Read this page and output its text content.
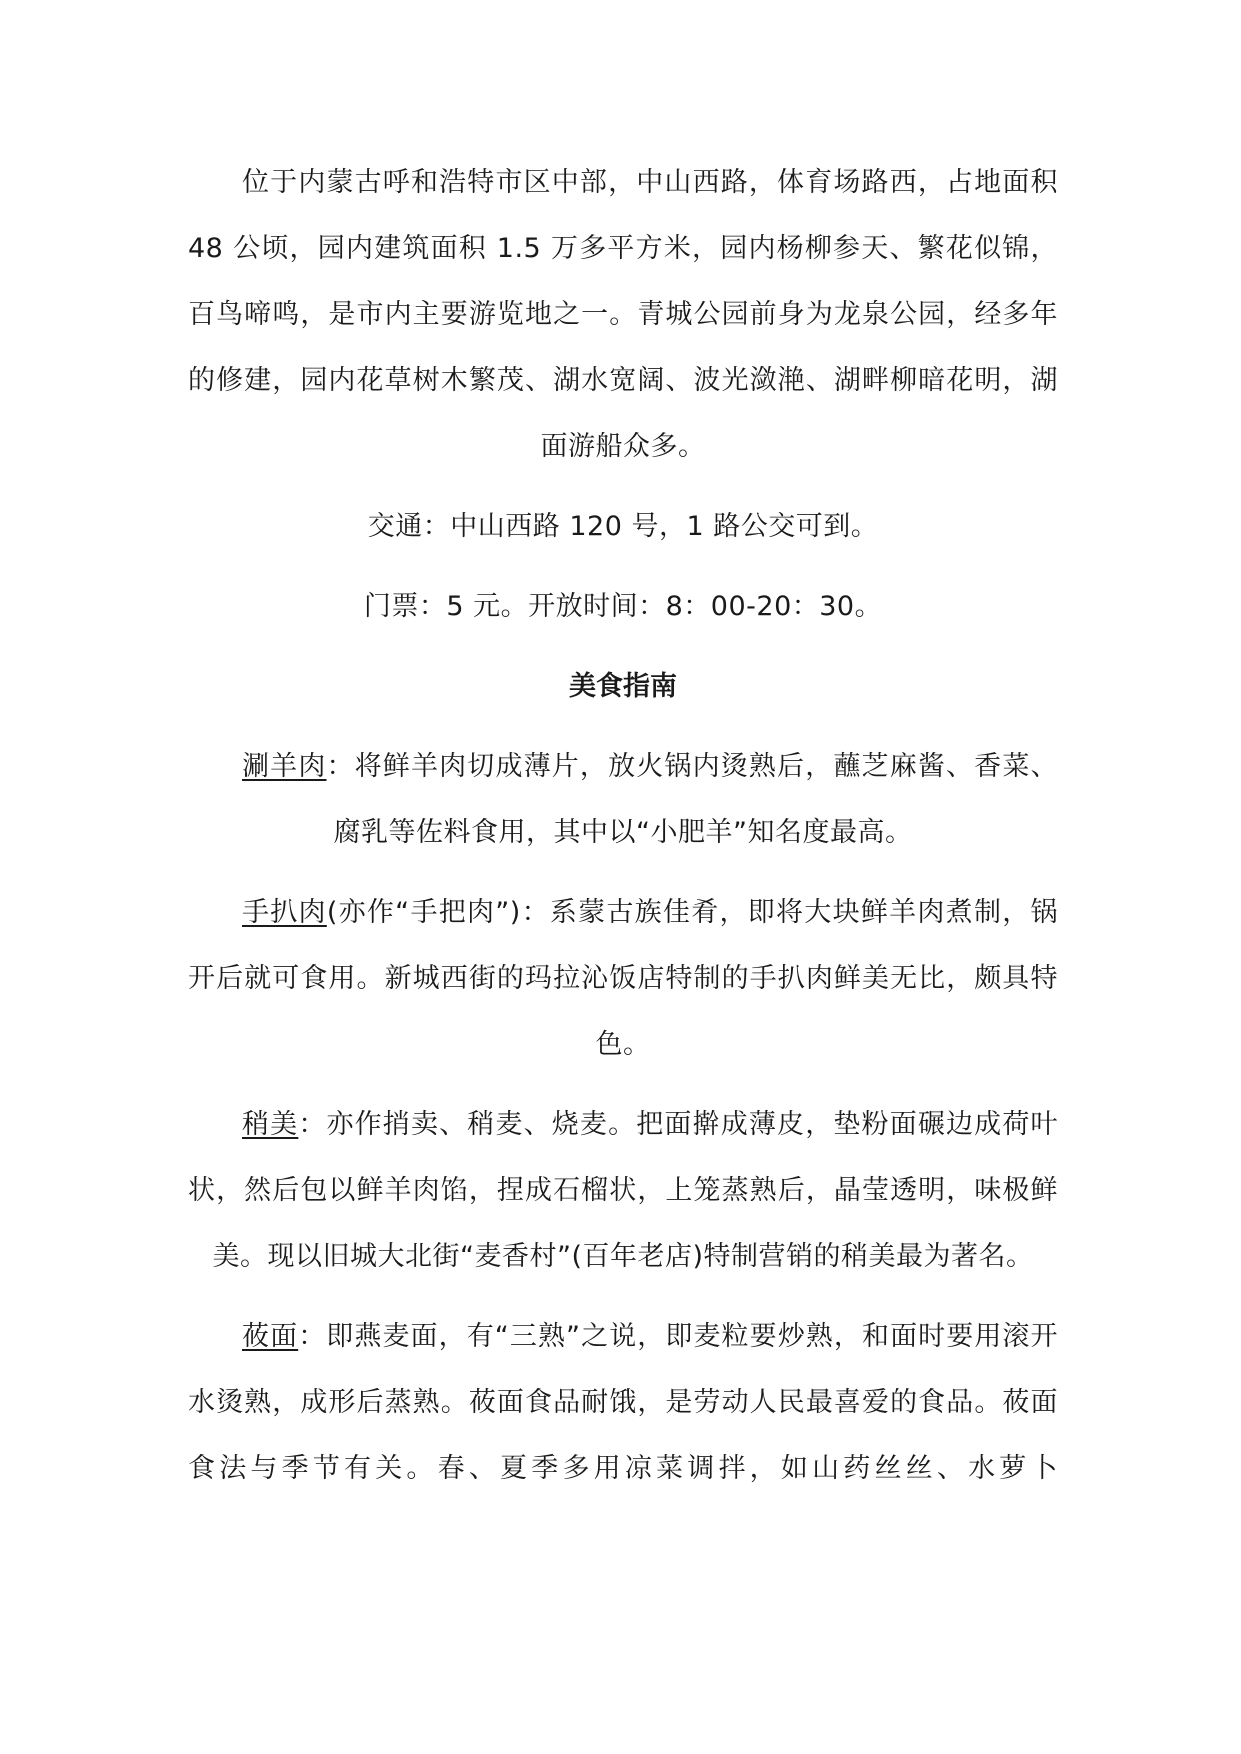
位于内蒙古呼和浩特市区中部，中山西路，体育场路西，占地面积 48 公顷，园内建筑面积 1.5 万多平方米，园内杨柳参天、繁花似锦，百鸟啼鸣，是市内主要游览地之一。青城公园前身为龙泉公园，经多年的修建，园内花草树木繁茂、湖水宽阔、波光潋滟、湖畔柳暗花明，湖面游船众多。

交通：中山西路 120 号，1 路公交可到。

门票：5 元。开放时间：8：00-20：30。

美食指南

涮羊肉：将鲜羊肉切成薄片，放火锅内烫熟后，蘸芝麻酱、香菜、腐乳等佐料食用，其中以“小肥羊”知名度最高。

手扒肉(亦作“手把肉”)：系蒙古族佳肴，即将大块鲜羊肉煮制，锅开后就可食用。新城西街的玛拉沁饭店特制的手扒肉鲜美无比，颇具特色。

稍美：亦作捎卖、稍麦、烧麦。把面擀成薄皮，垫粉面碾边成荷叶状，然后包以鲜羊肉馅，捏成石榴状，上笼蒸熟后，晶莹透明，味极鲜美。现以旧城大北街“麦香村”(百年老店)特制营销的稍美最为著名。

莜面：即燕麦面，有“三熟”之说，即麦粒要炒熟，和面时要用滚开水烫熟，成形后蒸熟。莜面食品耐饿，是劳动人民最喜爱的食品。莜面食法与季节有关。春、夏季多用凉菜调拌，如山药丝丝、水萝卜
